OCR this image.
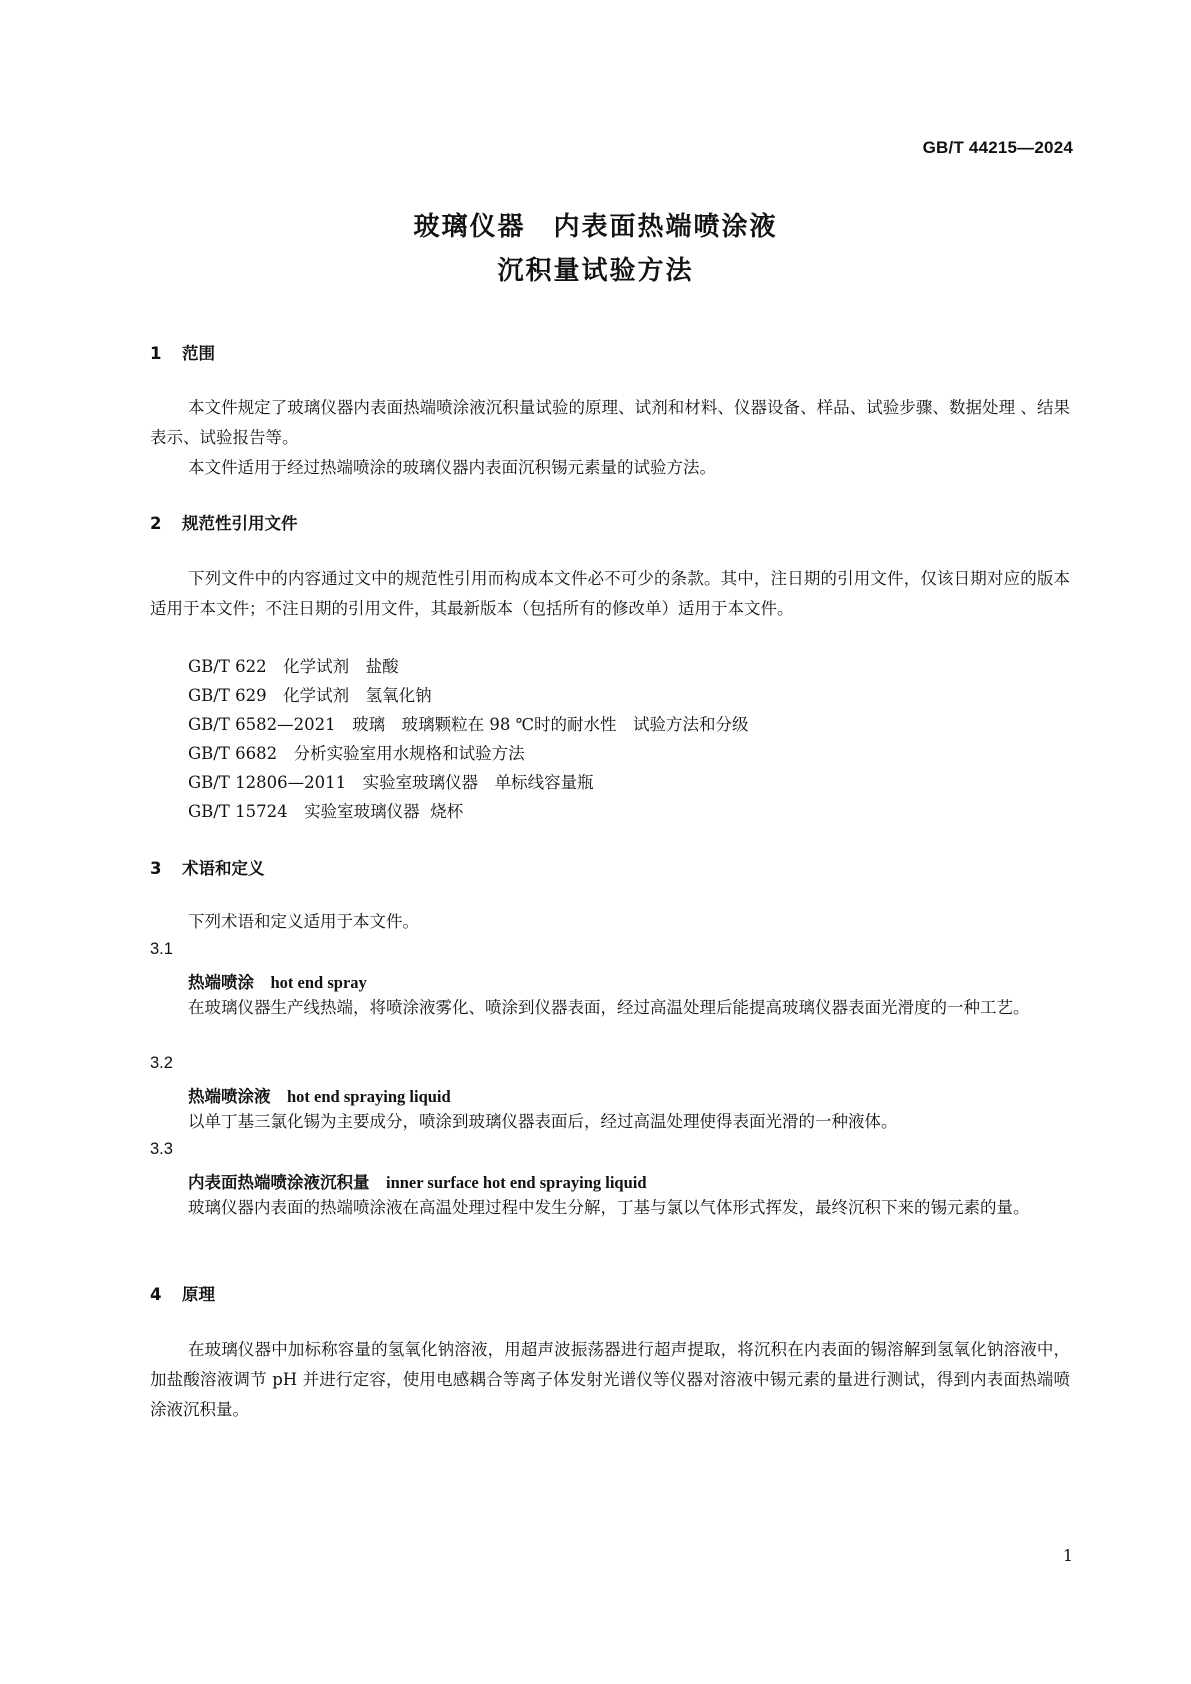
GB/T 44215—2024
玻璃仪器　内表面热端喷涂液
沉积量试验方法
1 范围
本文件规定了玻璃仪器内表面热端喷涂液沉积量试验的原理、试剂和材料、仪器设备、样品、试验步骤、数据处理 、结果表示、试验报告等。
本文件适用于经过热端喷涂的玻璃仪器内表面沉积锡元素量的试验方法。
2 规范性引用文件
下列文件中的内容通过文中的规范性引用而构成本文件必不可少的条款。其中，注日期的引用文件，仅该日期对应的版本适用于本文件；不注日期的引用文件，其最新版本（包括所有的修改单）适用于本文件。
GB/T 622　化学试剂　盐酸
GB/T 629　化学试剂　氢氧化钠
GB/T 6582—2021　玻璃　玻璃颗粒在 98 ℃时的耐水性　试验方法和分级
GB/T 6682　分析实验室用水规格和试验方法
GB/T 12806—2011　实验室玻璃仪器　单标线容量瓶
GB/T 15724　实验室玻璃仪器  烧杯
3 术语和定义
下列术语和定义适用于本文件。
3.1
热端喷涂　 hot end spray
在玻璃仪器生产线热端，将喷涂液雾化、喷涂到仪器表面，经过高温处理后能提高玻璃仪器表面光滑度的一种工艺。
3.2
热端喷涂液　 hot end spraying liquid
以单丁基三氯化锡为主要成分，喷涂到玻璃仪器表面后，经过高温处理使得表面光滑的一种液体。
3.3
内表面热端喷涂液沉积量　 inner surface hot end spraying liquid
玻璃仪器内表面的热端喷涂液在高温处理过程中发生分解，丁基与氯以气体形式挥发，最终沉积下来的锡元素的量。
4 原理
在玻璃仪器中加标称容量的氢氧化钠溶液，用超声波振荡器进行超声提取，将沉积在内表面的锡溶解到氢氧化钠溶液中，加盐酸溶液调节 pH 并进行定容，使用电感耦合等离子体发射光谱仪等仪器对溶液中锡元素的量进行测试，得到内表面热端喷涂液沉积量。
1
